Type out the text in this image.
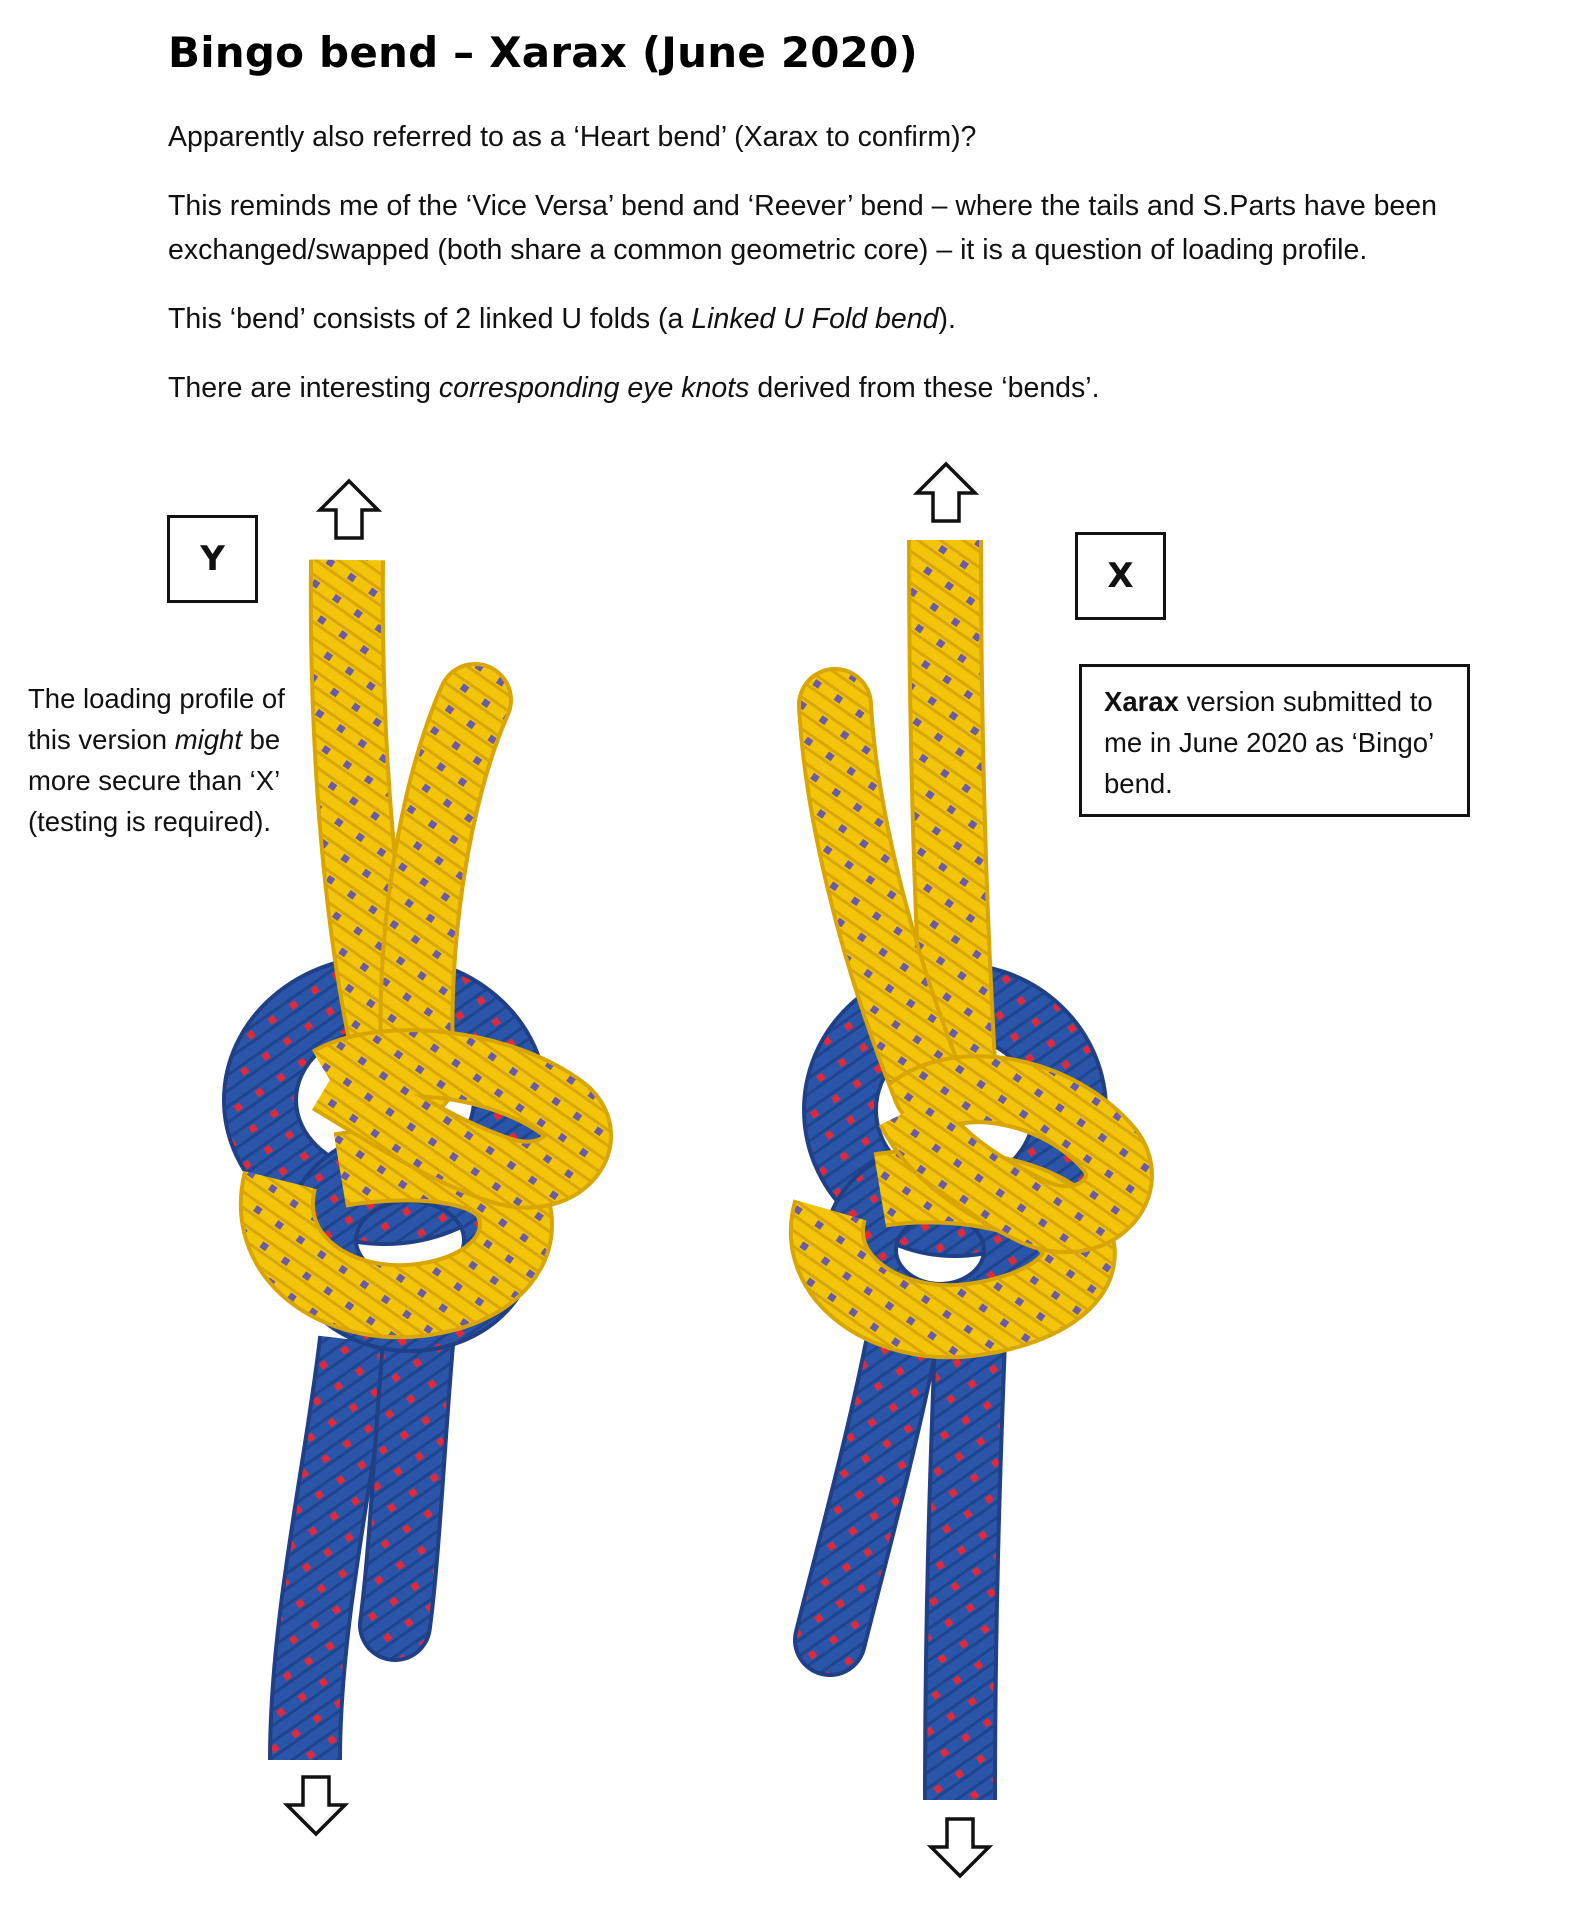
Bingo bend – Xarax (June 2020)

Apparently also referred to as a ‘Heart bend’ (Xarax to confirm)?

This reminds me of the ‘Vice Versa’ bend and ‘Reever’ bend – where the tails and S.Parts have been exchanged/swapped (both share a common geometric core) – it is a question of loading profile.

This ‘bend’ consists of 2 linked U folds (a Linked U Fold bend).

There are interesting corresponding eye knots derived from these ‘bends’.

Y
The loading profile of this version might be more secure than ‘X’ (testing is required).
X
Xarax version submitted to me in June 2020 as ‘Bingo’ bend.
